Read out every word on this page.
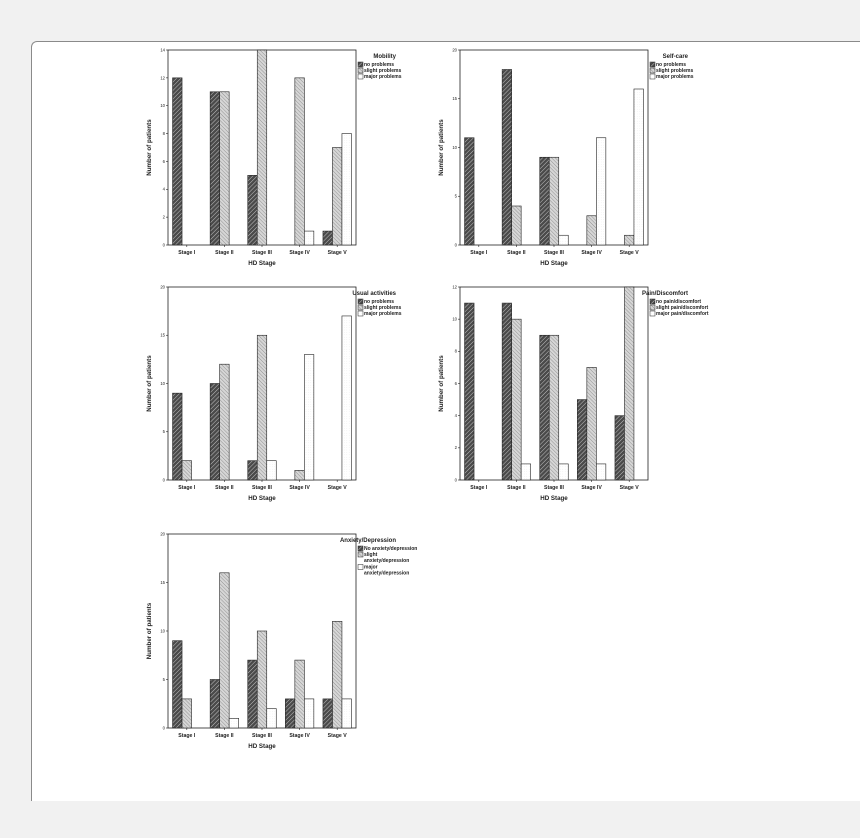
0
2
4
6
8
10
12
14
Stage I	Stage II	Stage III	Stage IV	Stage V
HD Stage
Number of patients
Mobility
no problems
slight problems
major problems
0
5
10
15
20
Stage I	Stage II	Stage III	Stage IV	Stage V
HD Stage
Number of patients
Self-care
no problems
slight problems
major problems
0
5
10
15
20
Stage I	Stage II	Stage III	Stage IV	Stage V
HD Stage
Number of patients
Usual activities
no problems
slight problems
major problems
0
2
4
6
8
10
12
Stage I	Stage II	Stage III	Stage IV	Stage V
HD Stage
Number of patients
Pain/Discomfort
no pain/discomfort
slight pain/discomfort
major pain/discomfort
0
5
10
15
20
Stage I	Stage II	Stage III	Stage IV	Stage V
HD Stage
Number of patients
Anxiety/Depression
No anxiety/depression
slight anxiety/depression
major anxiety/depression
